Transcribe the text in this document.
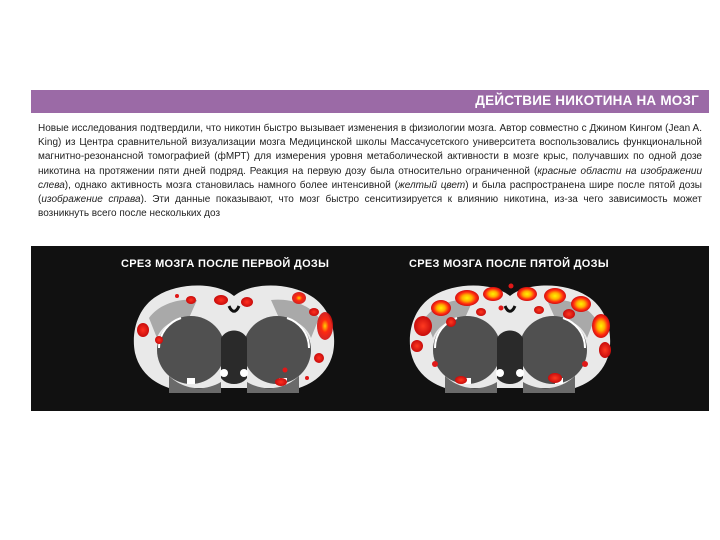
ДЕЙСТВИЕ НИКОТИНА НА МОЗГ
Новые исследования подтвердили, что никотин быстро вызывает изменения в физиологии мозга. Автор совместно с Джином Кингом (Jean A. King) из Центра сравнительной визуализации мозга Медицинской школы Массачусетского университета воспользовались функциональной магнитно-резонансной томографией (фМРТ) для измерения уровня метаболической активности в мозге крыс, получавших по одной дозе никотина на протяжении пяти дней подряд. Реакция на первую дозу была относительно ограниченной (красные области на изображении слева), однако активность мозга становилась намного более интенсивной (желтый цвет) и была распространена шире после пятой дозы (изображение справа). Эти данные показывают, что мозг быстро сенситизируется к влиянию никотина, из-за чего зависимость может возникнуть всего после нескольких доз
СРЕЗ МОЗГА ПОСЛЕ ПЕРВОЙ ДОЗЫ	СРЕЗ МОЗГА ПОСЛЕ ПЯТОЙ ДОЗЫ
